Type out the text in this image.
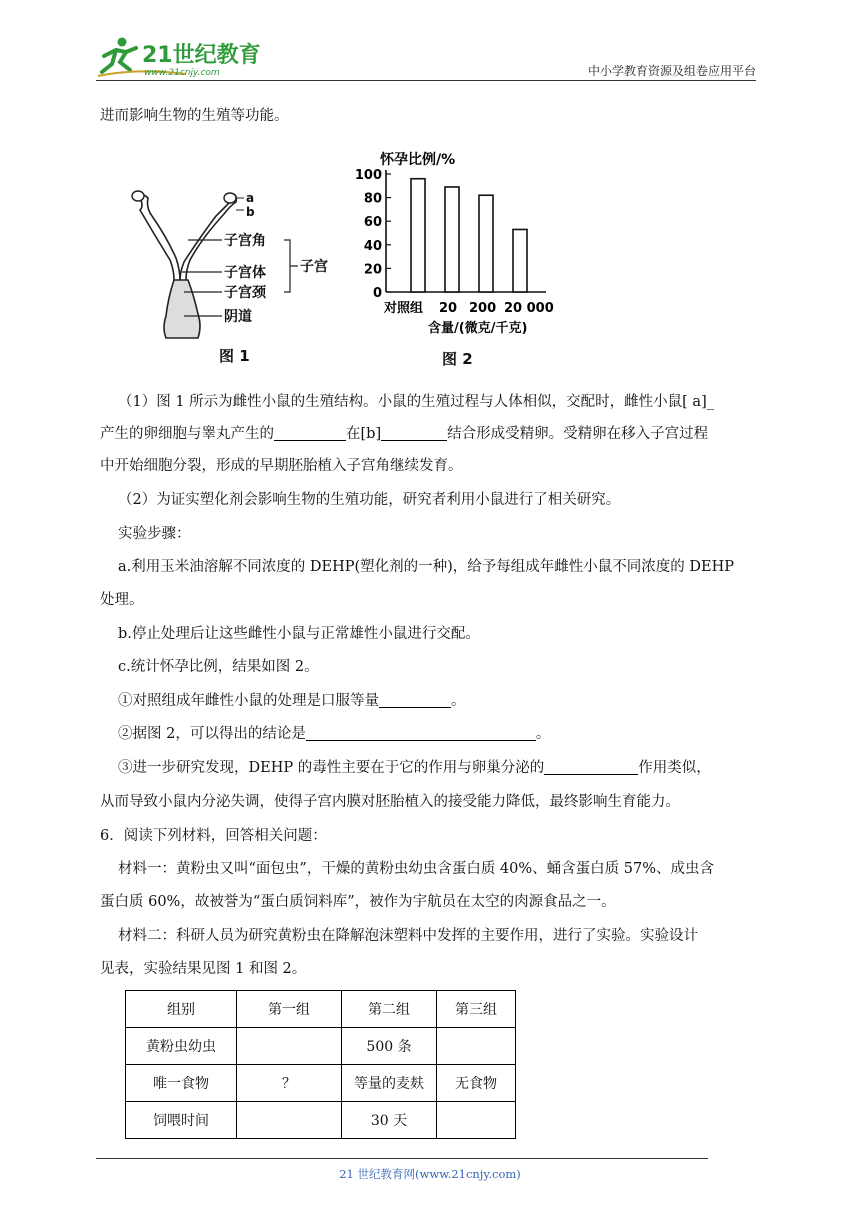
21世纪教育
www.21cnjy.com	中小学教育资源及组卷应用平台
进而影响生物的生殖等功能。
a
b
子宫角
子宫体
子宫颈
阴道
子宫
图 1
怀孕比例/%
含量/(微克/千克)
0
20
40
60
80
100
对照组 20 200 20 000
图 2
（1）图 1 所示为雌性小鼠的生殖结构。小鼠的生殖过程与人体相似，交配时，雌性小鼠[ a]_
产生的卵细胞与睾丸产生的	在[b]	结合形成受精卵。受精卵在移入子宫过程
中开始细胞分裂，形成的早期胚胎植入子宫角继续发育。
（2）为证实塑化剂会影响生物的生殖功能，研究者利用小鼠进行了相关研究。
实验步骤：
a.利用玉米油溶解不同浓度的 DEHP(塑化剂的一种)，给予每组成年雌性小鼠不同浓度的 DEHP
处理。
b.停止处理后让这些雌性小鼠与正常雄性小鼠进行交配。
c.统计怀孕比例，结果如图 2。
①对照组成年雌性小鼠的处理是口服等量	。
②据图 2，可以得出的结论是	。
③进一步研究发现，DEHP 的毒性主要在于它的作用与卵巢分泌的	作用类似，
从而导致小鼠内分泌失调，使得子宫内膜对胚胎植入的接受能力降低，最终影响生育能力。
6．阅读下列材料，回答相关问题：
材料一：黄粉虫又叫“面包虫”，干燥的黄粉虫幼虫含蛋白质 40%、蛹含蛋白质 57%、成虫含
蛋白质 60%，故被誉为“蛋白质饲料库”，被作为宇航员在太空的肉源食品之一。
材料二：科研人员为研究黄粉虫在降解泡沫塑料中发挥的主要作用，进行了实验。实验设计
见表，实验结果见图 1 和图 2。
组别	第一组	第二组	第三组
黄粉虫幼虫		500 条	
唯一食物	？	等量的麦麸	无食物
饲喂时间		30 天	
21 世纪教育网(www.21cnjy.com)
